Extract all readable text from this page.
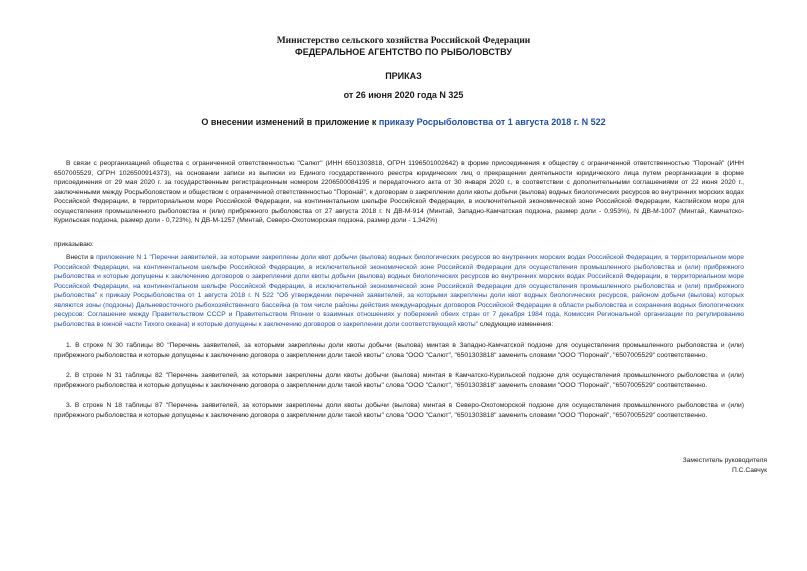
Министерство сельского хозяйства Российской Федерации
ФЕДЕРАЛЬНОЕ АГЕНТСТВО ПО РЫБОЛОВСТВУ
ПРИКАЗ
от 26 июня 2020 года N 325
О внесении изменений в приложение к приказу Росрыболовства от 1 августа 2018 г. N 522
В связи с реорганизацией общества с ограниченной ответственностью "Салют" (ИНН 6501303818, ОГРН 1196501002642) в форме присоединения к обществу с ограниченной ответственностью "Поронай" (ИНН 6507005529, ОГРН 1026500914373), на основании записи из выписки из Единого государственного реестра юридических лиц о прекращении деятельности юридического лица путем реорганизации в форме присоединения от 29 мая 2020 г. за государственным регистрационным номером 2206500084195 и передаточного акта от 30 января 2020 г., в соответствии с дополнительными соглашениями от 22 июня 2020 г., заключенными между Росрыболовством и обществом с ограниченной ответственностью "Поронай", к договорам о закреплении доли квоты добычи (вылова) водных биологических ресурсов во внутренних морских водах Российской Федерации, в территориальном море Российской Федерации, на континентальном шельфе Российской Федерации, в исключительной экономической зоне Российской Федерации, Каспийском море для осуществления промышленного рыболовства и (или) прибрежного рыболовства от 27 августа 2018 г. N ДВ-М-914 (Минтай, Западно-Камчатская подзона, размер доли - 0,953%), N ДВ-М-1007 (Минтай, Камчатско-Курильская подзона, размер доли - 0,723%), N ДВ-М-1257 (Минтай, Северо-Охотоморская подзона, размер доли - 1,342%)
приказываю:
Внести в приложение N 1 "Перечни заявителей, за которыми закреплены доли квот добычи (вылова) водных биологических ресурсов во внутренних морских водах Российской Федерации, в территориальном море Российской Федерации, на континентальном шельфе Российской Федерации, в исключительной экономической зоне Российской Федерации для осуществления промышленного рыболовства и (или) прибрежного рыболовства и которые допущены к заключению договоров о закреплении доли квоты добычи (вылова) водных биологических ресурсов во внутренних морских водах Российской Федерации, в территориальном море Российской Федерации, на континентальном шельфе Российской Федерации, в исключительной экономической зоне Российской Федерации для осуществления промышленного рыболовства и (или) прибрежного рыболовства" к приказу Росрыболовства от 1 августа 2018 г. N 522 "Об утверждении перечней заявителей, за которыми закреплены доли квот водных биологических ресурсов, районом добычи (вылова) которых являются зоны (подзоны) Дальневосточного рыбохозяйственного бассейна (в том числе районы действия международных договоров Российской Федерации в области рыболовства и сохранения водных биологических ресурсов: Соглашение между Правительством СССР и Правительством Японии о взаимных отношениях у побережий обеих стран от 7 декабря 1984 года, Комиссия Региональной организации по регулированию рыболовства в южной части Тихого океана) и которые допущены к заключению договоров о закреплении доли соответствующей квоты" следующие изменения:
1. В строке N 30 таблицы 80 "Перечень заявителей, за которыми закреплены доли квоты добычи (вылова) минтая в Западно-Камчатской подзоне для осуществления промышленного рыболовства и (или) прибрежного рыболовства и которые допущены к заключению договора о закреплении доли такой квоты" слова "ООО "Салют", "6501303818" заменить словами "ООО "Поронай", "6507005529" соответственно.
2. В строке N 31 таблицы 82 "Перечень заявителей, за которыми закреплены доли квоты добычи (вылова) минтая в Камчатско-Курильской подзоне для осуществления промышленного рыболовства и (или) прибрежного рыболовства и которые допущены к заключению договора о закреплении доли такой квоты" слова "ООО "Салют", "6501303818" заменить словами "ООО "Поронай", "6507005529" соответственно.
3. В строке N 18 таблицы 87 "Перечень заявителей, за которыми закреплены доли квоты добычи (вылова) минтая в Северо-Охотоморской подзоне для осуществления промышленного рыболовства и (или) прибрежного рыболовства и которые допущены к заключению договора о закреплении доли такой квоты" слова "ООО "Салют", "6501303818" заменить словами "ООО "Поронай", "6507005529" соответственно.
Заместитель руководителя
П.С.Савчук
